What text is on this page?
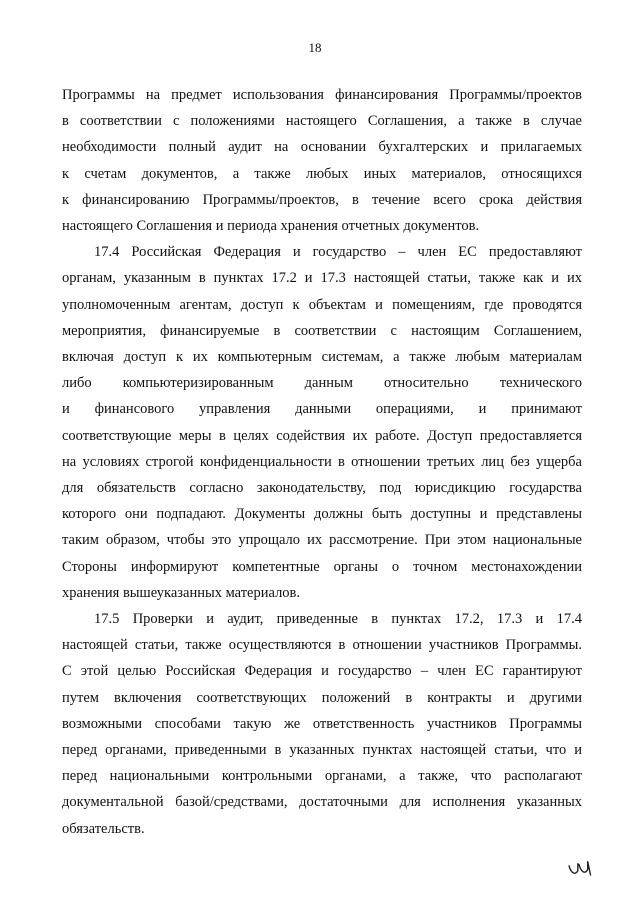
18
Программы на предмет использования финансирования Программы/проектов
в соответствии с положениями настоящего Соглашения, а также в случае
необходимости полный аудит на основании бухгалтерских и прилагаемых
к счетам документов, а также любых иных материалов, относящихся
к финансированию Программы/проектов, в течение всего срока действия
настоящего Соглашения и периода хранения отчетных документов.
17.4 Российская Федерация и государство – член ЕС предоставляют
органам, указанным в пунктах 17.2 и 17.3 настоящей статьи, также как и их
уполномоченным агентам, доступ к объектам и помещениям, где проводятся
мероприятия, финансируемые в соответствии с настоящим Соглашением,
включая доступ к их компьютерным системам, а также любым материалам
либо компьютеризированным данным относительно технического
и финансового управления данными операциями, и принимают
соответствующие меры в целях содействия их работе. Доступ предоставляется
на условиях строгой конфиденциальности в отношении третьих лиц без ущерба
для обязательств согласно законодательству, под юрисдикцию государства
которого они подпадают. Документы должны быть доступны и представлены
таким образом, чтобы это упрощало их рассмотрение. При этом национальные
Стороны информируют компетентные органы о точном местонахождении
хранения вышеуказанных материалов.
17.5 Проверки и аудит, приведенные в пунктах 17.2, 17.3 и 17.4
настоящей статьи, также осуществляются в отношении участников Программы.
С этой целью Российская Федерация и государство – член ЕС гарантируют
путем включения соответствующих положений в контракты и другими
возможными способами такую же ответственность участников Программы
перед органами, приведенными в указанных пунктах настоящей статьи, что и
перед национальными контрольными органами, а также, что располагают
документальной базой/средствами, достаточными для исполнения указанных
обязательств.
